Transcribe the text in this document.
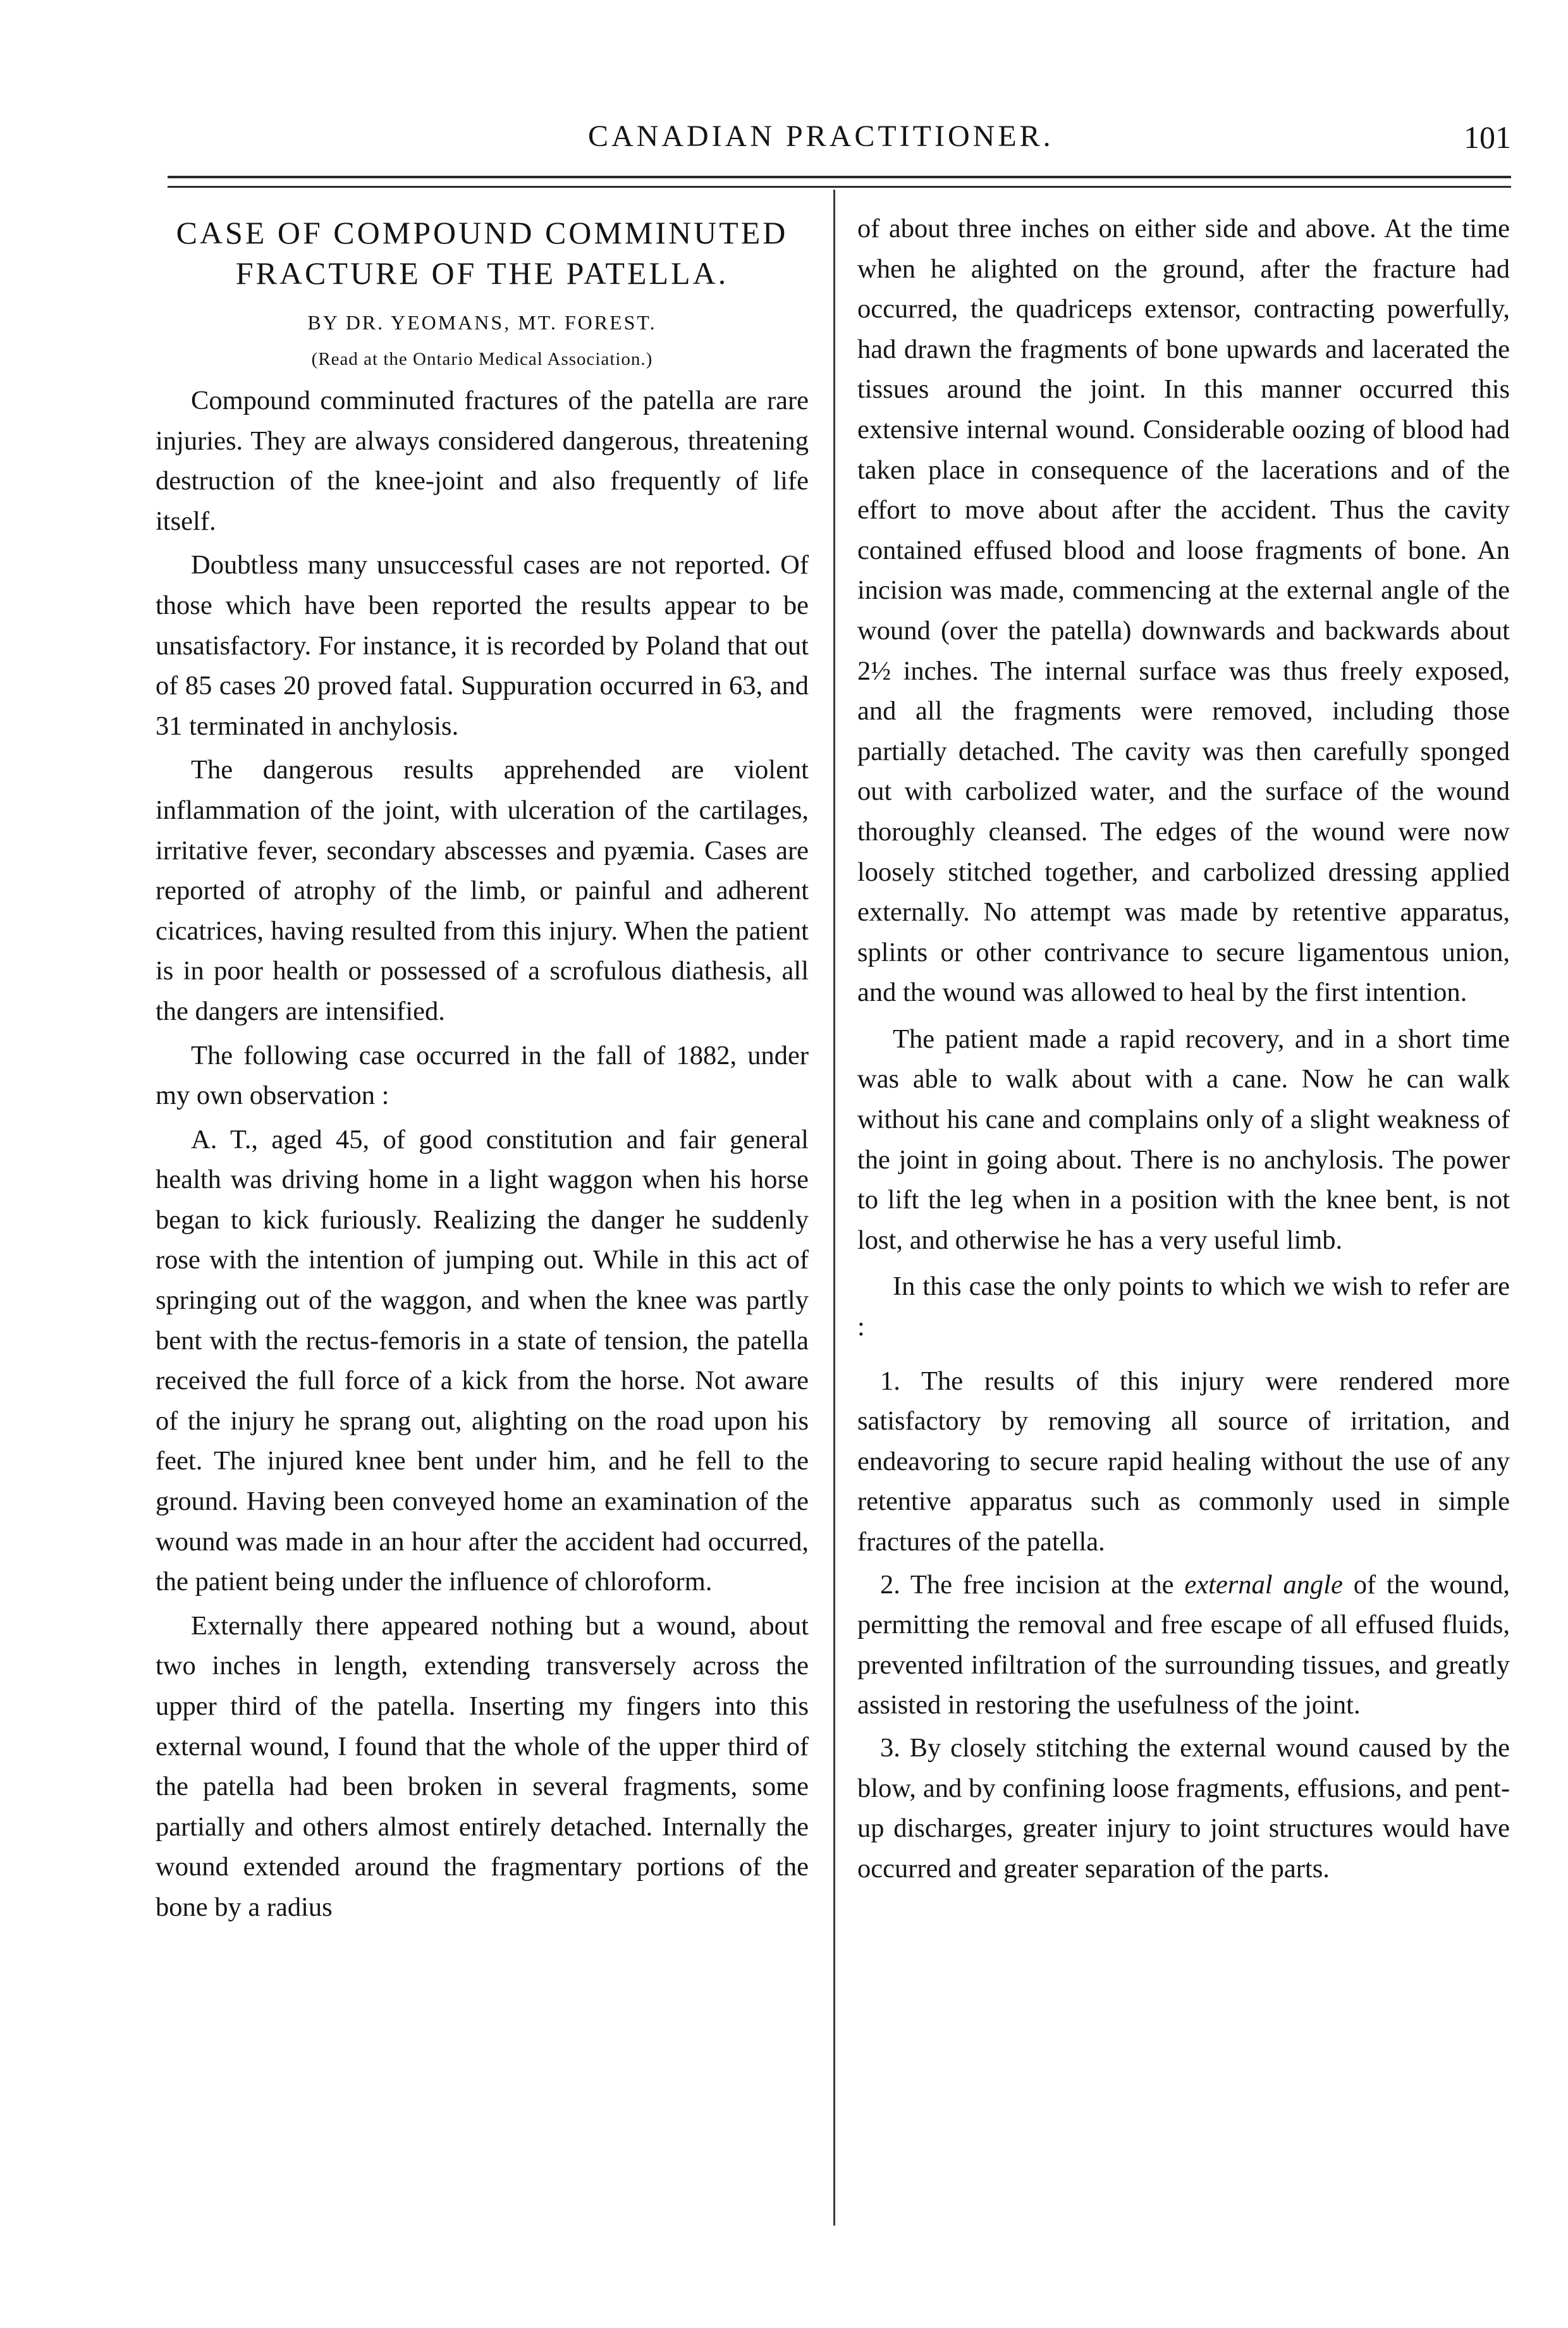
CANADIAN PRACTITIONER.	101
CASE OF COMPOUND COMMINUTED FRACTURE OF THE PATELLA.
BY DR. YEOMANS, MT. FOREST.
(Read at the Ontario Medical Association.)

Compound comminuted fractures of the patella are rare injuries. They are always considered dangerous, threatening destruction of the knee-joint and also frequently of life itself.

Doubtless many unsuccessful cases are not reported. Of those which have been reported the results appear to be unsatisfactory. For instance, it is recorded by Poland that out of 85 cases 20 proved fatal. Suppuration occurred in 63, and 31 terminated in anchylosis.

The dangerous results apprehended are violent inflammation of the joint, with ulceration of the cartilages, irritative fever, secondary abscesses and pyæmia. Cases are reported of atrophy of the limb, or painful and adherent cicatrices, having resulted from this injury. When the patient is in poor health or possessed of a scrofulous diathesis, all the dangers are intensified.

The following case occurred in the fall of 1882, under my own observation :

A. T., aged 45, of good constitution and fair general health was driving home in a light waggon when his horse began to kick furiously. Realizing the danger he suddenly rose with the intention of jumping out. While in this act of springing out of the waggon, and when the knee was partly bent with the rectus-femoris in a state of tension, the patella received the full force of a kick from the horse. Not aware of the injury he sprang out, alighting on the road upon his feet. The injured knee bent under him, and he fell to the ground. Having been conveyed home an examination of the wound was made in an hour after the accident had occurred, the patient being under the influence of chloroform.

Externally there appeared nothing but a wound, about two inches in length, extending transversely across the upper third of the patella. Inserting my fingers into this external wound, I found that the whole of the upper third of the patella had been broken in several fragments, some partially and others almost entirely detached. Internally the wound extended around the fragmentary portions of the bone by a radius

of about three inches on either side and above. At the time when he alighted on the ground, after the fracture had occurred, the quadriceps extensor, contracting powerfully, had drawn the fragments of bone upwards and lacerated the tissues around the joint. In this manner occurred this extensive internal wound. Considerable oozing of blood had taken place in consequence of the lacerations and of the effort to move about after the accident. Thus the cavity contained effused blood and loose fragments of bone. An incision was made, commencing at the external angle of the wound (over the patella) downwards and backwards about 2½ inches. The internal surface was thus freely exposed, and all the fragments were removed, including those partially detached. The cavity was then carefully sponged out with carbolized water, and the surface of the wound thoroughly cleansed. The edges of the wound were now loosely stitched together, and carbolized dressing applied externally. No attempt was made by retentive apparatus, splints or other contrivance to secure ligamentous union, and the wound was allowed to heal by the first intention.

The patient made a rapid recovery, and in a short time was able to walk about with a cane. Now he can walk without his cane and complains only of a slight weakness of the joint in going about. There is no anchylosis. The power to lift the leg when in a position with the knee bent, is not lost, and otherwise he has a very useful limb.

In this case the only points to which we wish to refer are :

1. The results of this injury were rendered more satisfactory by removing all source of irritation, and endeavoring to secure rapid healing without the use of any retentive apparatus such as commonly used in simple fractures of the patella.

2. The free incision at the external angle of the wound, permitting the removal and free escape of all effused fluids, prevented infiltration of the surrounding tissues, and greatly assisted in restoring the usefulness of the joint.

3. By closely stitching the external wound caused by the blow, and by confining loose fragments, effusions, and pent-up discharges, greater injury to joint structures would have occurred and greater separation of the parts.
